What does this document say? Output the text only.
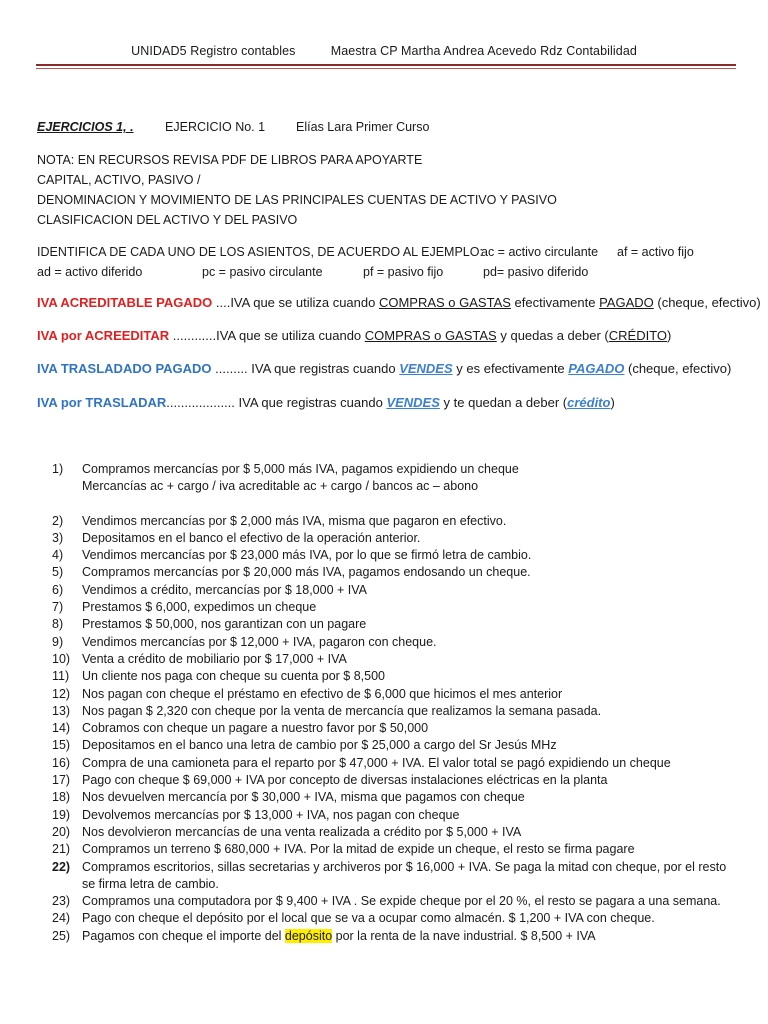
UNIDAD5 Registro contables	Maestra CP Martha Andrea Acevedo Rdz Contabilidad
EJERCICIOS 1, .	EJERCICIO No. 1 Elías Lara Primer Curso
NOTA: EN RECURSOS REVISA PDF DE LIBROS PARA APOYARTE
CAPITAL, ACTIVO, PASIVO /
DENOMINACION Y MOVIMIENTO DE LAS PRINCIPALES CUENTAS DE ACTIVO Y PASIVO
CLASIFICACION DEL ACTIVO Y DEL PASIVO
IDENTIFICA DE CADA UNO DE LOS ASIENTOS, DE ACUERDO AL EJEMPLO:
ac = activo circulante af = activo fijo
ad = activo diferido	pc = pasivo circulante	pf = pasivo fijo	pd= pasivo diferido
IVA ACREDITABLE PAGADO ....IVA que se utiliza cuando COMPRAS o GASTAS efectivamente PAGADO (cheque, efectivo)
IVA por ACREEDITAR ............IVA que se utiliza cuando COMPRAS o GASTAS y quedas a deber (CRÉDITO)
IVA TRASLADADO PAGADO ......... IVA que registras cuando VENDES y es efectivamente PAGADO (cheque, efectivo)
IVA por TRASLADAR................... IVA que registras cuando VENDES y te quedan a deber (crédito)
1)	Compramos mercancías por $ 5,000 más IVA, pagamos expidiendo un cheque
Mercancías ac + cargo / iva acreditable ac + cargo / bancos ac – abono
2)	Vendimos mercancías por $ 2,000 más IVA, misma que pagaron en efectivo.
3)	Depositamos en el banco el efectivo de la operación anterior.
4)	Vendimos mercancías por $ 23,000 más IVA, por lo que se firmó letra de cambio.
5)	Compramos mercancías por $ 20,000 más IVA, pagamos endosando un cheque.
6)	Vendimos a crédito, mercancías por $ 18,000 + IVA
7)	Prestamos $ 6,000, expedimos un cheque
8)	Prestamos $ 50,000, nos garantizan con un pagare
9)	Vendimos mercancías por $ 12,000 + IVA, pagaron con cheque.
10) Venta a crédito de mobiliario por $ 17,000 + IVA
11)	Un cliente nos paga con cheque su cuenta por $ 8,500
12) Nos pagan con cheque el préstamo en efectivo de $ 6,000 que hicimos el mes anterior
13) Nos pagan $ 2,320 con cheque por la venta de mercancía que realizamos la semana pasada.
14) Cobramos con cheque un pagare a nuestro favor por $ 50,000
15) Depositamos en el banco una letra de cambio por $ 25,000 a cargo del Sr Jesús MHz
16) Compra de una camioneta para el reparto por $ 47,000 + IVA. El valor total se pagó expidiendo un cheque
17) Pago con cheque $ 69,000 + IVA por concepto de diversas instalaciones eléctricas en la planta
18) Nos devuelven mercancía por $ 30,000 + IVA, misma que pagamos con cheque
19) Devolvemos mercancías por $ 13,000 + IVA, nos pagan con cheque
20) Nos devolvieron mercancías de una venta realizada a crédito por $ 5,000 + IVA
21) Compramos un terreno $ 680,000 + IVA. Por la mitad de expide un cheque, el resto se firma pagare
22) Compramos escritorios, sillas secretarias y archiveros por $ 16,000 + IVA. Se paga la mitad con cheque, por el resto se firma letra de cambio.
23) Compramos una computadora por $ 9,400 + IVA . Se expide cheque por el 20 %, el resto se pagara a una semana.
24) Pago con cheque el depósito por el local que se va a ocupar como almacén. $ 1,200 + IVA con cheque.
25) Pagamos con cheque el importe del depósito por la renta de la nave industrial. $ 8,500 + IVA
